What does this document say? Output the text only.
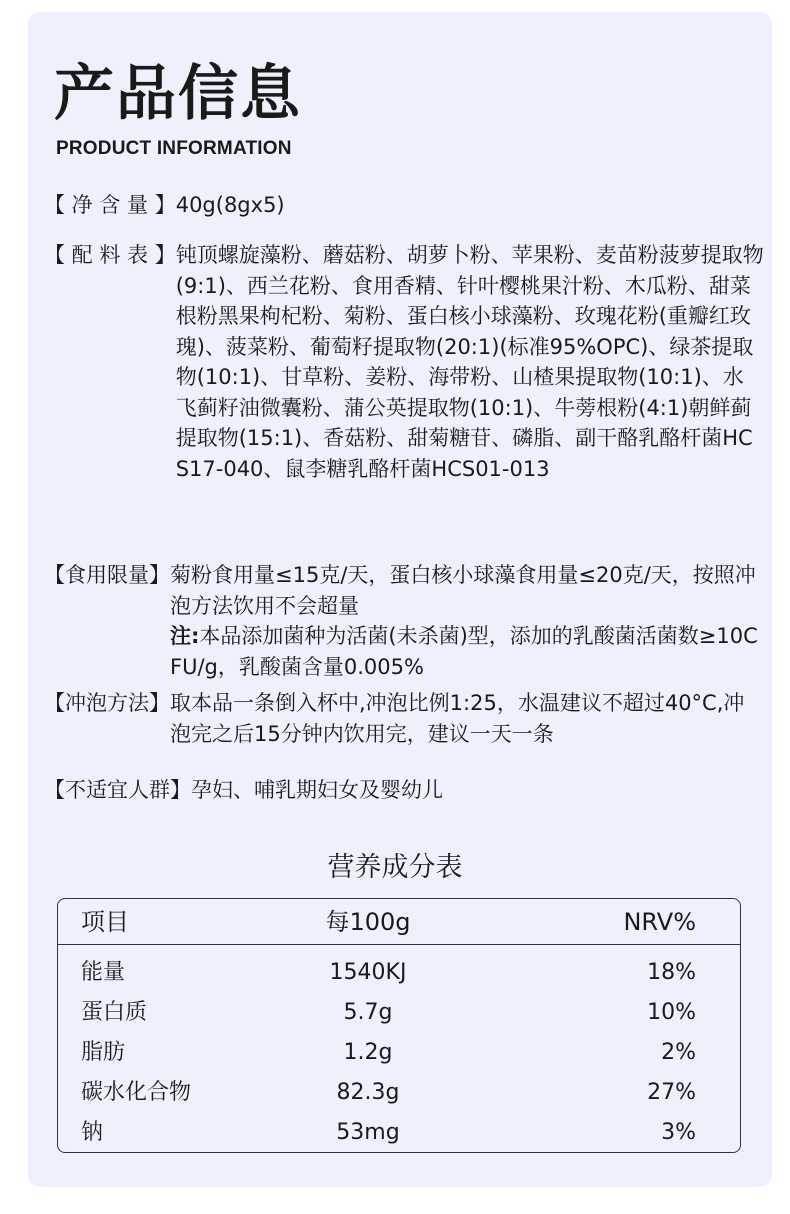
产品信息
PRODUCT INFORMATION
【 净 含 量 】 40g(8gx5)
【 配 料 表 】 钝顶螺旋藻粉、蘑菇粉、胡萝卜粉、苹果粉、麦苗粉菠萝提取物(9:1)、西兰花粉、食用香精、针叶樱桃果汁粉、木瓜粉、甜菜根粉黑果枸杞粉、菊粉、蛋白核小球藻粉、玫瑰花粉(重瓣红玫瑰)、菠菜粉、葡萄籽提取物(20:1)(标准95%OPC)、绿茶提取物(10:1)、甘草粉、姜粉、海带粉、山楂果提取物(10:1)、水飞蓟籽油微囊粉、蒲公英提取物(10:1)、牛蒡根粉(4:1)朝鲜蓟提取物(15:1)、香菇粉、甜菊糖苷、磷脂、副干酪乳酪杆菌HCS17-040、鼠李糖乳酪杆菌HCS01-013
【食用限量】 菊粉食用量≤15克/天，蛋白核小球藻食用量≤20克/天，按照冲泡方法饮用不会超量

注:本品添加菌种为活菌(未杀菌)型，添加的乳酸菌活菌数≥10CFU/g，乳酸菌含量0.005%

【冲泡方法】 取本品一条倒入杯中,冲泡比例1:25，水温建议不超过40°C,冲泡完之后15分钟内饮用完，建议一天一条
【不适宜人群】 孕妇、哺乳期妇女及婴幼儿
营养成分表
项目	每100g	NRV%
能量	1540KJ	18%
蛋白质	5.7g	10%
脂肪	1.2g	2%
碳水化合物	82.3g	27%
钠	53mg	3%
